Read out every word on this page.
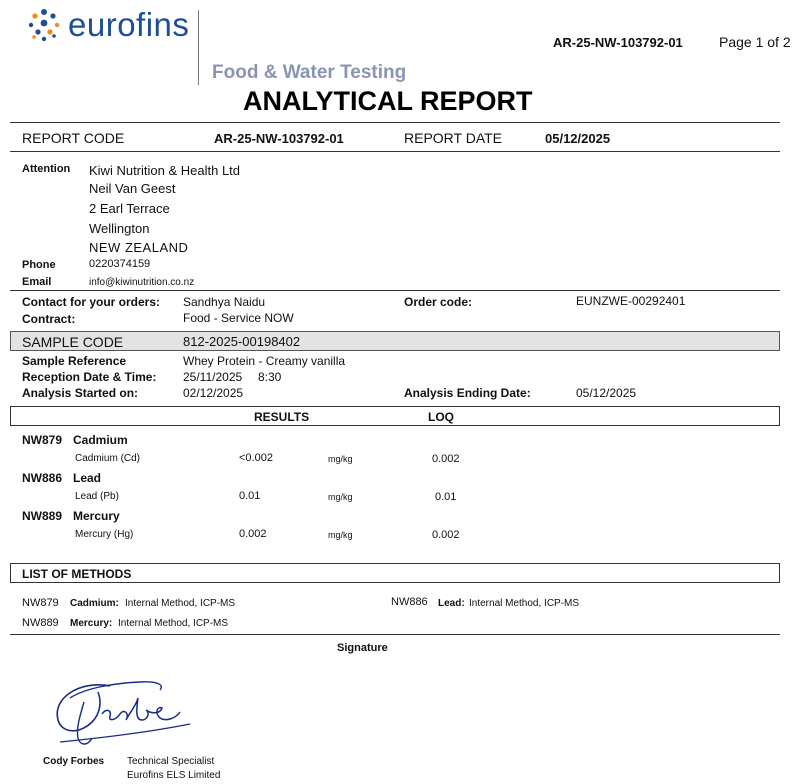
eurofins
Food & Water Testing
ANALYTICAL REPORT
AR-25-NW-103792-01	Page 1 of 2
REPORT CODE	AR-25-NW-103792-01	REPORT DATE	05/12/2025
Attention Kiwi Nutrition & Health Ltd
Neil Van Geest
2 Earl Terrace
Wellington
NEW ZEALAND
Phone	0220374159
Email	info@kiwinutrition.co.nz
Contact for your orders: Sandhya Naidu
Contract:	Food - Service NOW
Order code:	EUNZWE-00292401
SAMPLE CODE	812-2025-00198402
Sample Reference	Whey Protein - Creamy vanilla
Reception Date & Time: 25/11/2025 8:30
Analysis Started on:	02/12/2025	Analysis Ending Date:	05/12/2025
RESULTS	LOQ
NW879 Cadmium
Cadmium (Cd)	<0.002	mg/kg	0.002
NW886 Lead
Lead (Pb)	0.01	mg/kg	0.01
NW889 Mercury
Mercury (Hg)	0.002	mg/kg	0.002
LIST OF METHODS
NW879 Cadmium: Internal Method, ICP-MS	NW886 Lead: Internal Method, ICP-MS
NW889 Mercury: Internal Method, ICP-MS
Signature
Cody Forbes Technical Specialist
Eurofins ELS Limited
